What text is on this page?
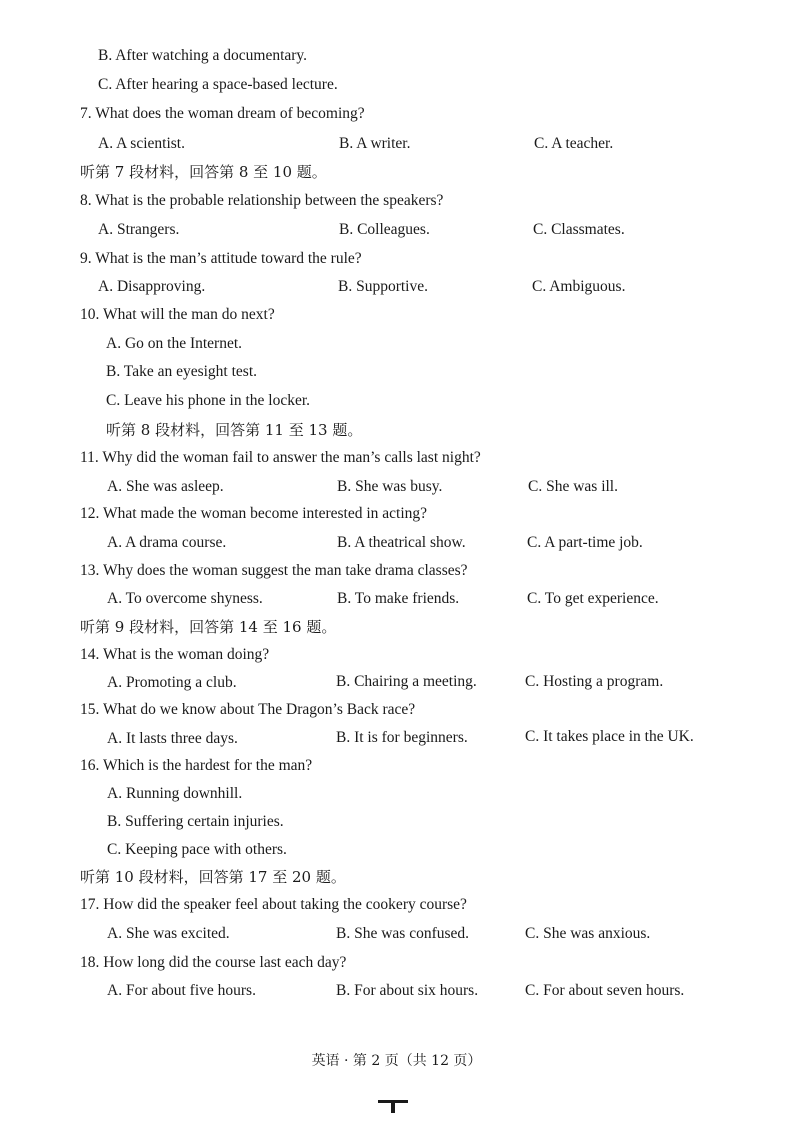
B. After watching a documentary.
C. After hearing a space-based lecture.
7. What does the woman dream of becoming?
A. A scientist.	B. A writer.	C. A teacher.
听第 7 段材料，回答第 8 至 10 题。
8. What is the probable relationship between the speakers?
A. Strangers.	B. Colleagues.	C. Classmates.
9. What is the man’s attitude toward the rule?
A. Disapproving.	B. Supportive.	C. Ambiguous.
10. What will the man do next?
A. Go on the Internet.
B. Take an eyesight test.
C. Leave his phone in the locker.
听第 8 段材料，回答第 11 至 13 题。
11. Why did the woman fail to answer the man’s calls last night?
A. She was asleep.	B. She was busy.	C. She was ill.
12. What made the woman become interested in acting?
A. A drama course.	B. A theatrical show.	C. A part-time job.
13. Why does the woman suggest the man take drama classes?
A. To overcome shyness.	B. To make friends.	C. To get experience.
听第 9 段材料，回答第 14 至 16 题。
14. What is the woman doing?
A. Promoting a club.	B. Chairing a meeting.	C. Hosting a program.
15. What do we know about The Dragon’s Back race?
A. It lasts three days.	B. It is for beginners.	C. It takes place in the UK.
16. Which is the hardest for the man?
A. Running downhill.
B. Suffering certain injuries.
C. Keeping pace with others.
听第 10 段材料，回答第 17 至 20 题。
17. How did the speaker feel about taking the cookery course?
A. She was excited.	B. She was confused.	C. She was anxious.
18. How long did the course last each day?
A. For about five hours.	B. For about six hours.	C. For about seven hours.
英语 · 第 2 页（共 12 页）
